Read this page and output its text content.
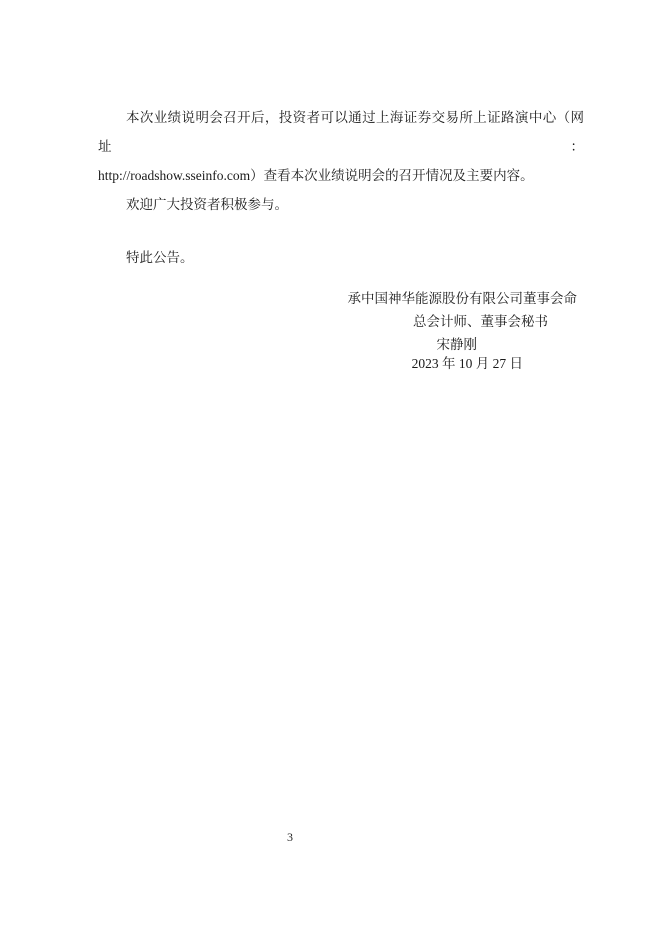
本次业绩说明会召开后，投资者可以通过上海证券交易所上证路演中心（网址：
http://roadshow.sseinfo.com）查看本次业绩说明会的召开情况及主要内容。
欢迎广大投资者积极参与。
特此公告。
承中国神华能源股份有限公司董事会命
总会计师、董事会秘书
宋静刚
2023 年 10 月 27 日
3
